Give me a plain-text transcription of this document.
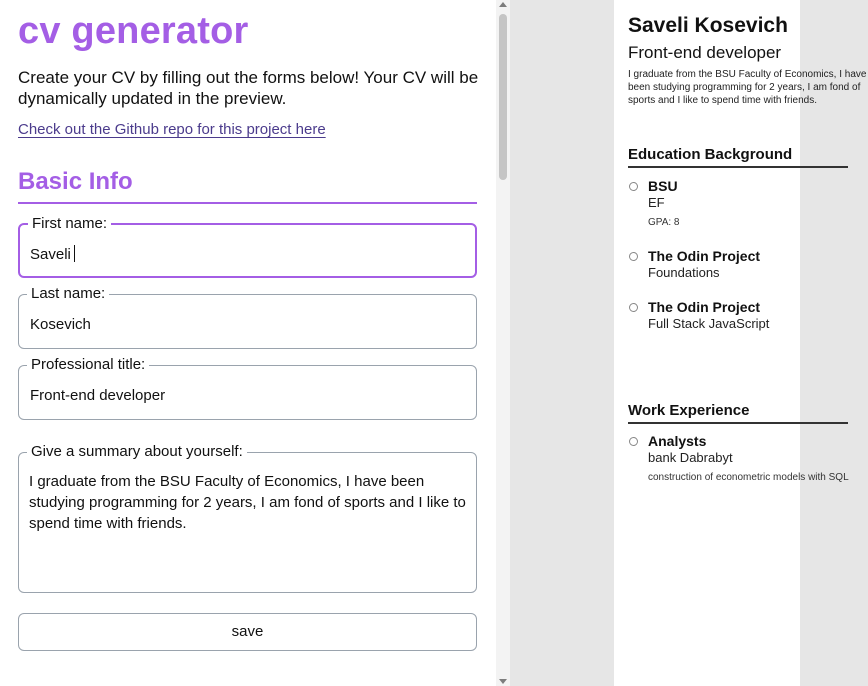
cv generator

Create your CV by filling out the forms below! Your CV will be dynamically updated in the preview.

Check out the Github repo for this project here
Basic Info
First name:
Saveli
Last name:
Kosevich
Professional title:
Front-end developer
Give a summary about yourself:
I graduate from the BSU Faculty of Economics, I have been studying programming for 2 years, I am fond of sports and I like to spend time with friends.
save
Saveli Kosevich
Front-end developer
I graduate from the BSU Faculty of Economics, I have been studying programming for 2 years, I am fond of sports and I like to spend time with friends.
Education Background
BSU
EF
GPA: 8
The Odin Project
Foundations
The Odin Project
Full Stack JavaScript
Work Experience
Analysts
bank Dabrabyt
construction of econometric models with SQL
